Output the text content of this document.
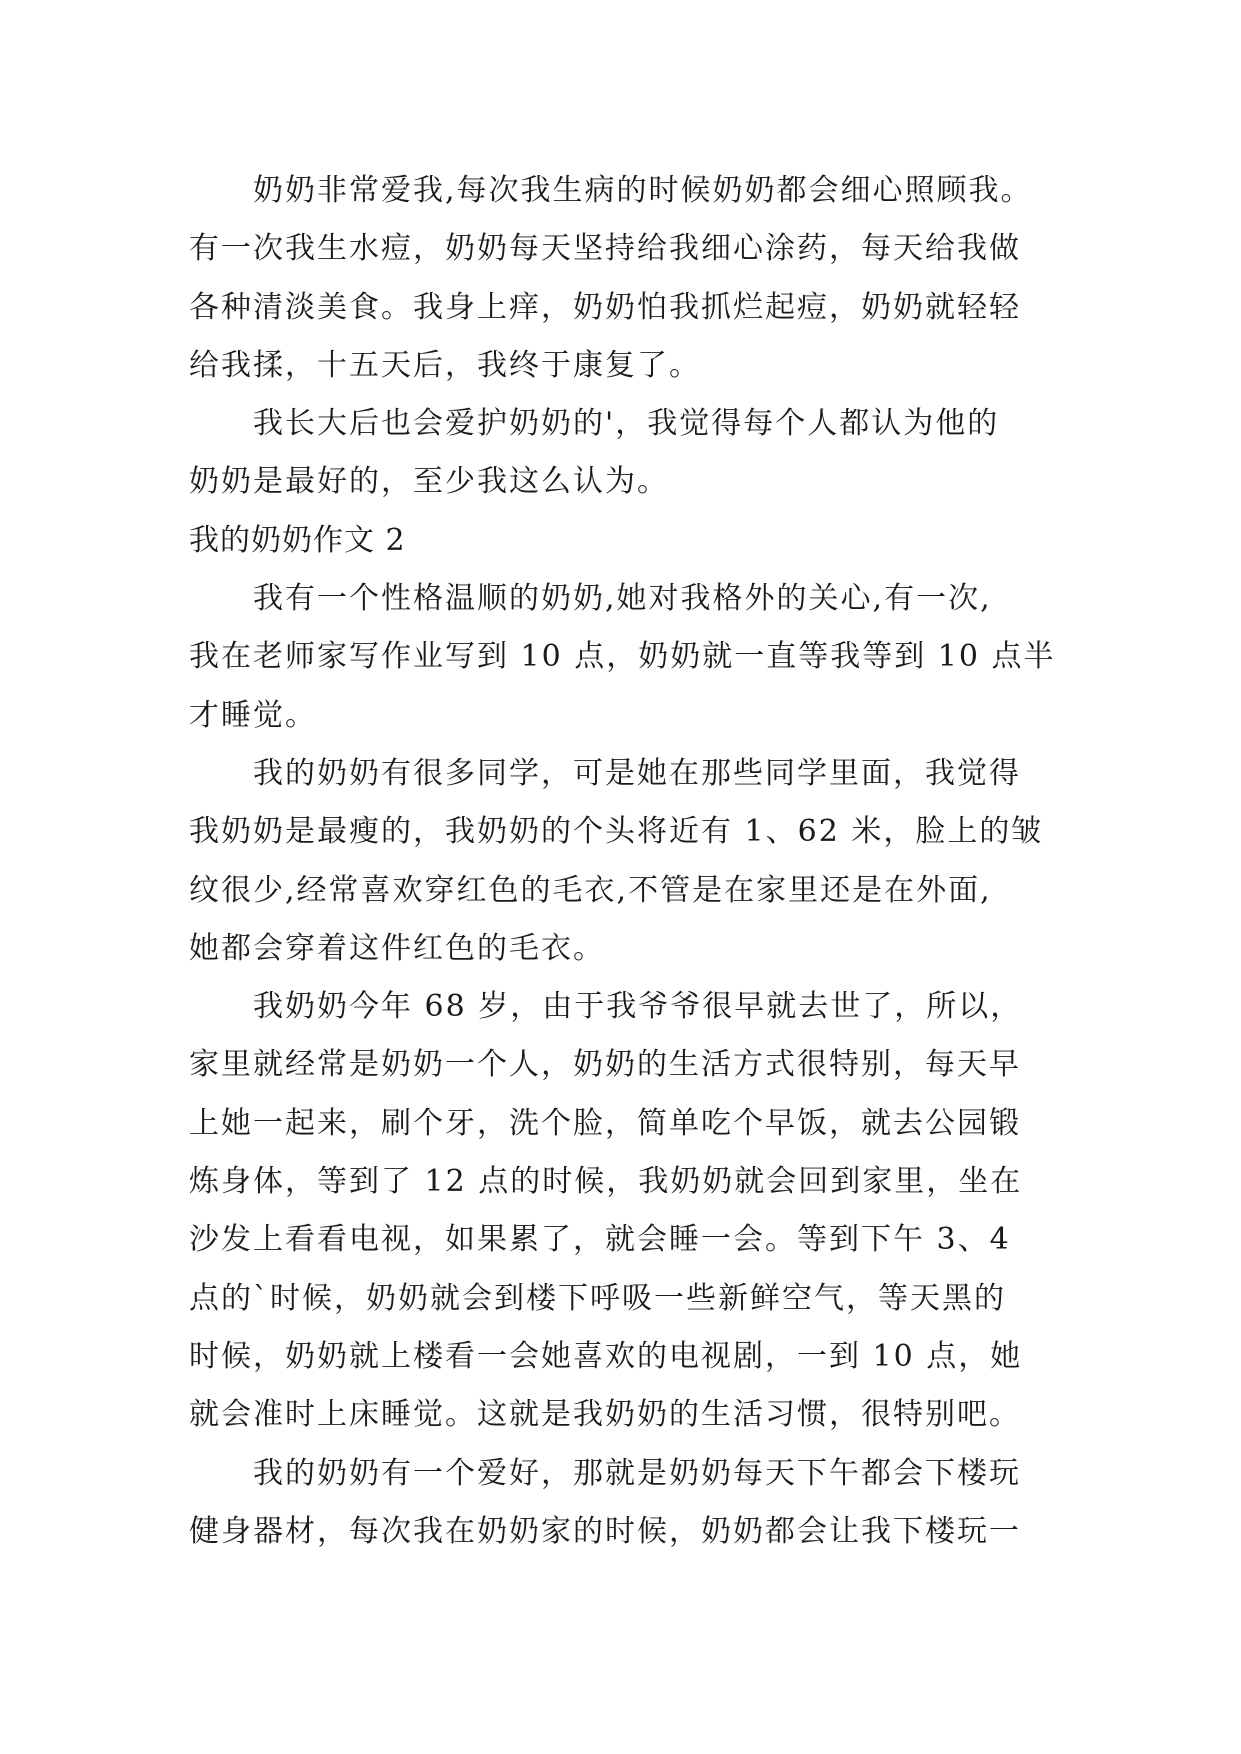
奶奶非常爱我,每次我生病的时候奶奶都会细心照顾我。
有一次我生水痘，奶奶每天坚持给我细心涂药，每天给我做
各种清淡美食。我身上痒，奶奶怕我抓烂起痘，奶奶就轻轻
给我揉，十五天后，我终于康复了。
我长大后也会爱护奶奶的'，我觉得每个人都认为他的
奶奶是最好的，至少我这么认为。
我的奶奶作文 2
我有一个性格温顺的奶奶,她对我格外的关心,有一次,
我在老师家写作业写到 10 点，奶奶就一直等我等到 10 点半
才睡觉。
我的奶奶有很多同学，可是她在那些同学里面，我觉得
我奶奶是最瘦的，我奶奶的个头将近有 1、62 米，脸上的皱
纹很少,经常喜欢穿红色的毛衣,不管是在家里还是在外面,
她都会穿着这件红色的毛衣。
我奶奶今年 68 岁，由于我爷爷很早就去世了，所以，
家里就经常是奶奶一个人，奶奶的生活方式很特别，每天早
上她一起来，刷个牙，洗个脸，简单吃个早饭，就去公园锻
炼身体，等到了 12 点的时候，我奶奶就会回到家里，坐在
沙发上看看电视，如果累了，就会睡一会。等到下午 3、4
点的`时候，奶奶就会到楼下呼吸一些新鲜空气，等天黑的
时候，奶奶就上楼看一会她喜欢的电视剧，一到 10 点，她
就会准时上床睡觉。这就是我奶奶的生活习惯，很特别吧。
我的奶奶有一个爱好，那就是奶奶每天下午都会下楼玩
健身器材，每次我在奶奶家的时候，奶奶都会让我下楼玩一
